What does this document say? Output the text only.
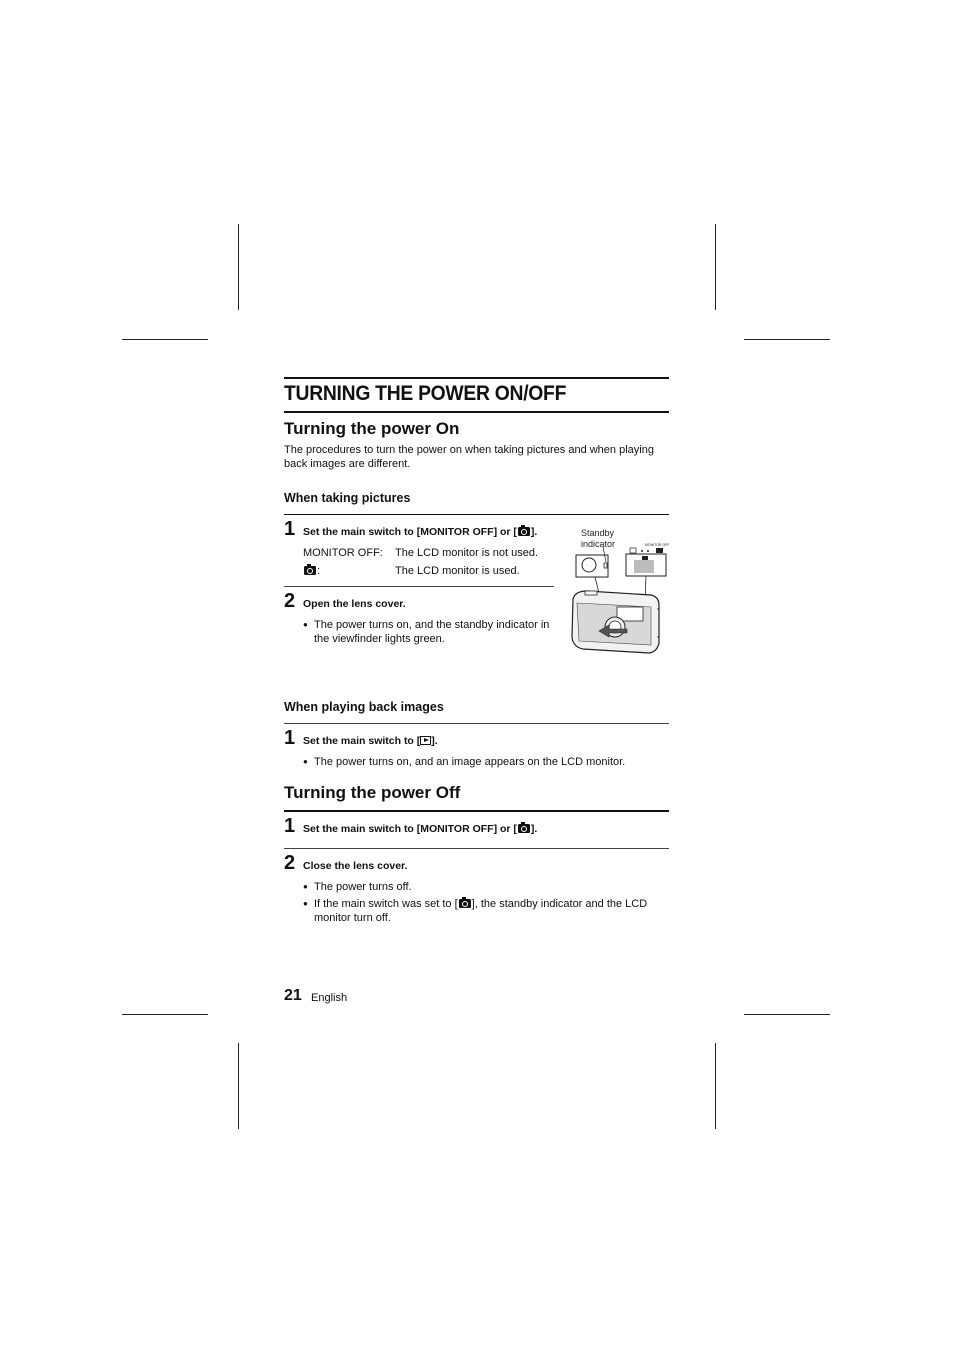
TURNING THE POWER ON/OFF
Turning the power On
The procedures to turn the power on when taking pictures and when playing back images are different.
When taking pictures
1 Set the main switch to [MONITOR OFF] or [ ].
MONITOR OFF: The LCD monitor is not used.
:	The LCD monitor is used.
2 Open the lens cover.
● The power turns on, and the standby indicator in the viewfinder lights green.
Standby indicator	MONITOR OFF
When playing back images
1 Set the main switch to [ ].
● The power turns on, and an image appears on the LCD monitor.
Turning the power Off
1 Set the main switch to [MONITOR OFF] or [ ].
2 Close the lens cover.
● The power turns off.
● If the main switch was set to [ ], the standby indicator and the LCD monitor turn off.
21 English
